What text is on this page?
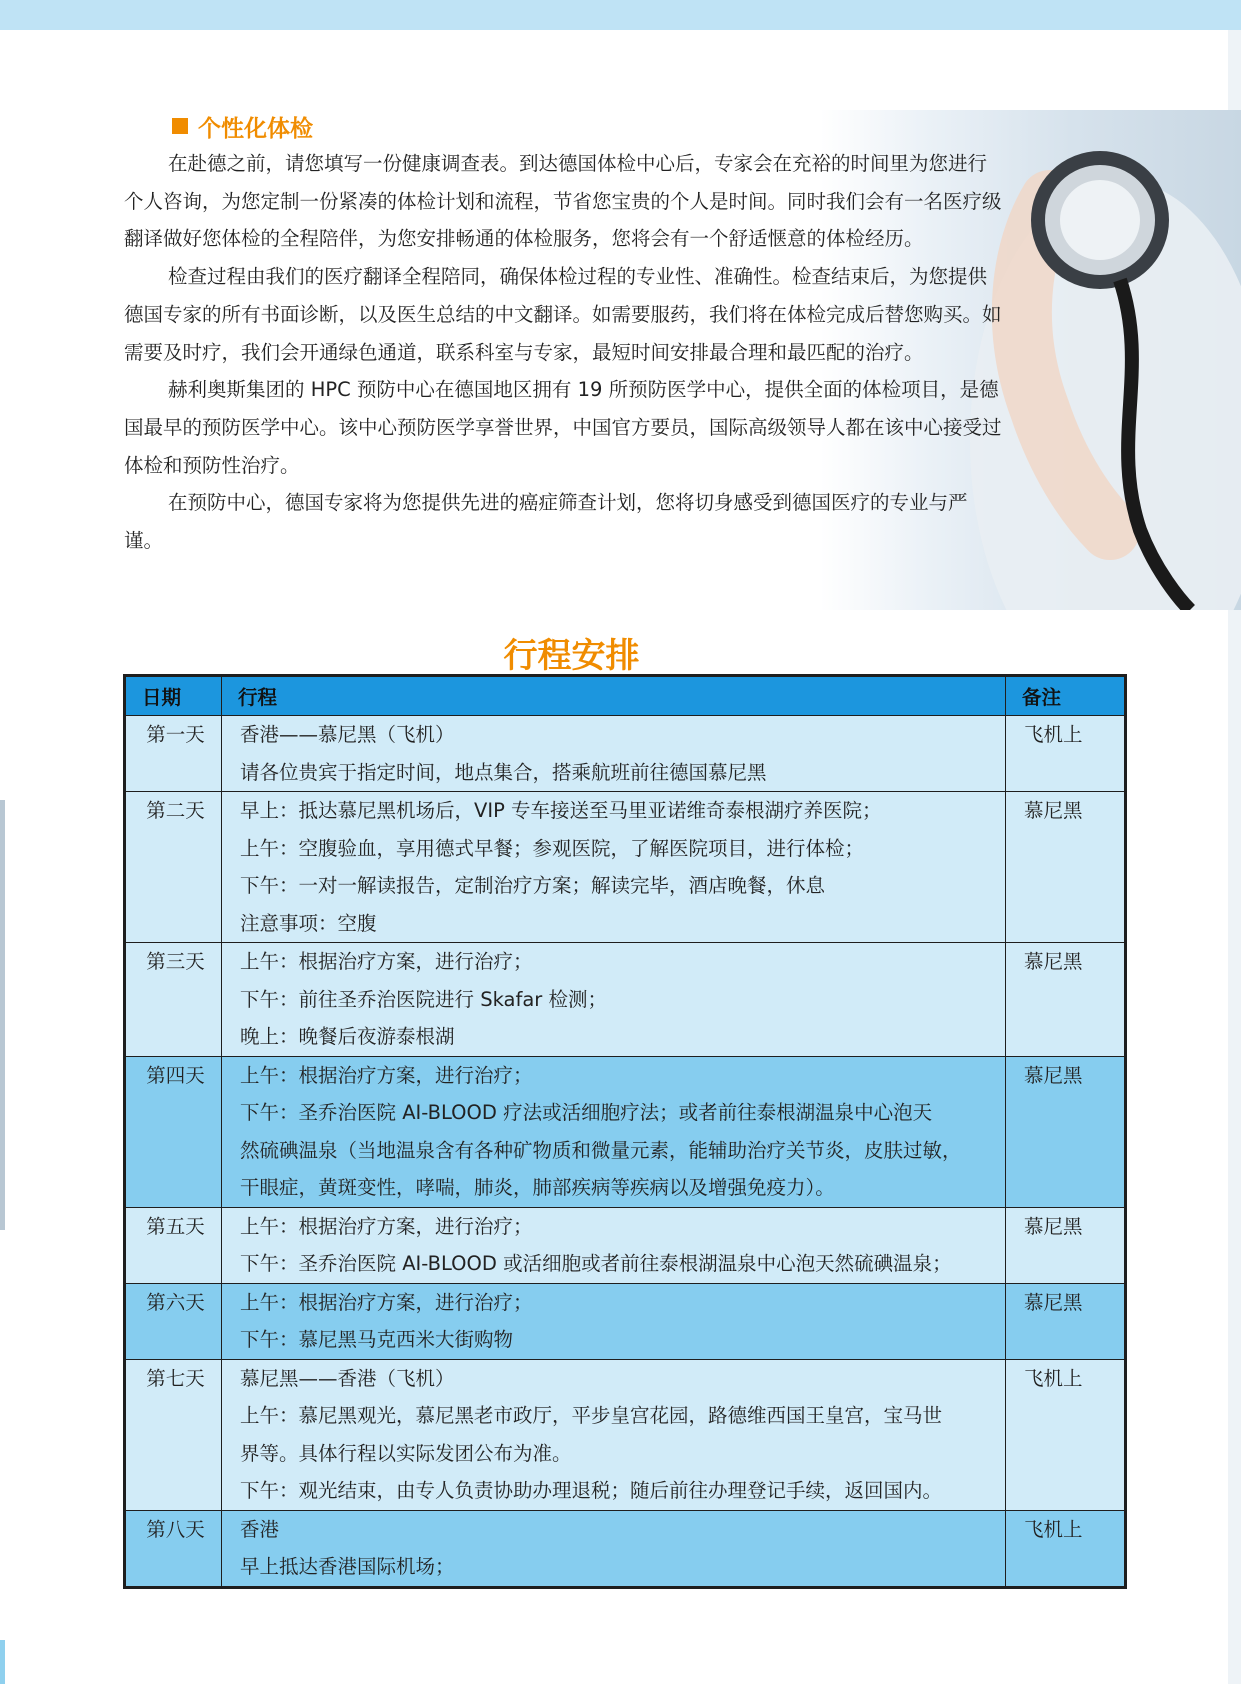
个性化体检

在赴德之前，请您填写一份健康调查表。到达德国体检中心后，专家会在充裕的时间里为您进行个人咨询，为您定制一份紧凑的体检计划和流程，节省您宝贵的个人是时间。同时我们会有一名医疗级翻译做好您体检的全程陪伴，为您安排畅通的体检服务，您将会有一个舒适惬意的体检经历。

检查过程由我们的医疗翻译全程陪同，确保体检过程的专业性、准确性。检查结束后，为您提供德国专家的所有书面诊断，以及医生总结的中文翻译。如需要服药，我们将在体检完成后替您购买。如需要及时疗，我们会开通绿色通道，联系科室与专家，最短时间安排最合理和最匹配的治疗。

赫利奥斯集团的 HPC 预防中心在德国地区拥有 19 所预防医学中心，提供全面的体检项目，是德国最早的预防医学中心。该中心预防医学享誉世界，中国官方要员，国际高级领导人都在该中心接受过体检和预防性治疗。

在预防中心，德国专家将为您提供先进的癌症筛查计划，您将切身感受到德国医疗的专业与严谨。

行程安排
日期	行程	备注
第一天	香港——慕尼黑（飞机）
请各位贵宾于指定时间，地点集合，搭乘航班前往德国慕尼黑	飞机上
第二天	早上：抵达慕尼黑机场后，VIP 专车接送至马里亚诺维奇泰根湖疗养医院；
上午：空腹验血，享用德式早餐；参观医院，了解医院项目，进行体检；
下午：一对一解读报告，定制治疗方案；解读完毕，酒店晚餐，休息
注意事项：空腹	慕尼黑
第三天	上午：根据治疗方案，进行治疗；
下午：前往圣乔治医院进行 Skafar 检测；
晚上：晚餐后夜游泰根湖	慕尼黑
第四天	上午：根据治疗方案，进行治疗；
下午：圣乔治医院 AI-BLOOD 疗法或活细胞疗法；或者前往泰根湖温泉中心泡天
然硫碘温泉（当地温泉含有各种矿物质和微量元素，能辅助治疗关节炎，皮肤过敏，
干眼症，黄斑变性，哮喘，肺炎，肺部疾病等疾病以及增强免疫力）。	慕尼黑
第五天	上午：根据治疗方案，进行治疗；
下午：圣乔治医院 AI-BLOOD 或活细胞或者前往泰根湖温泉中心泡天然硫碘温泉；	慕尼黑
第六天	上午：根据治疗方案，进行治疗；
下午：慕尼黑马克西米大街购物	慕尼黑
第七天	慕尼黑——香港（飞机）
上午：慕尼黑观光，慕尼黑老市政厅，平步皇宫花园，路德维西国王皇宫，宝马世
界等。具体行程以实际发团公布为准。
下午：观光结束，由专人负责协助办理退税；随后前往办理登记手续，返回国内。	飞机上
第八天	香港
早上抵达香港国际机场；	飞机上
